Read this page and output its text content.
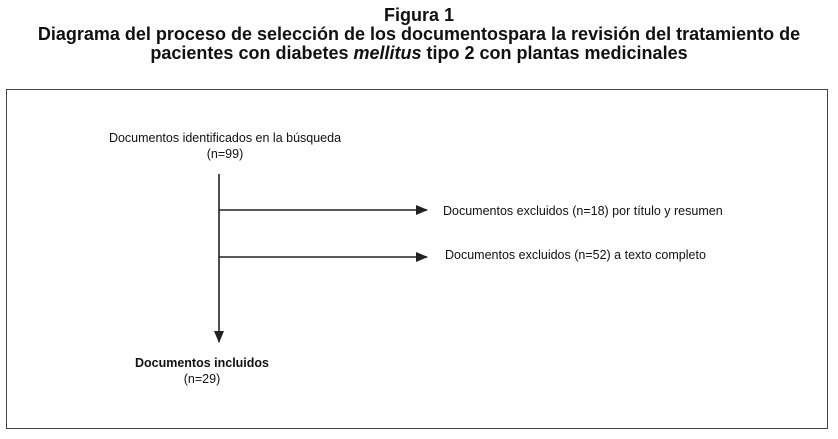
Figura 1
Diagrama del proceso de selección de los documentospara la revisión del tratamiento de pacientes con diabetes mellitus tipo 2 con plantas medicinales
Documentos identificados en la búsqueda
(n=99)
Documentos excluidos (n=18) por título y resumen
Documentos excluidos (n=52) a texto completo
Documentos incluidos
(n=29)
